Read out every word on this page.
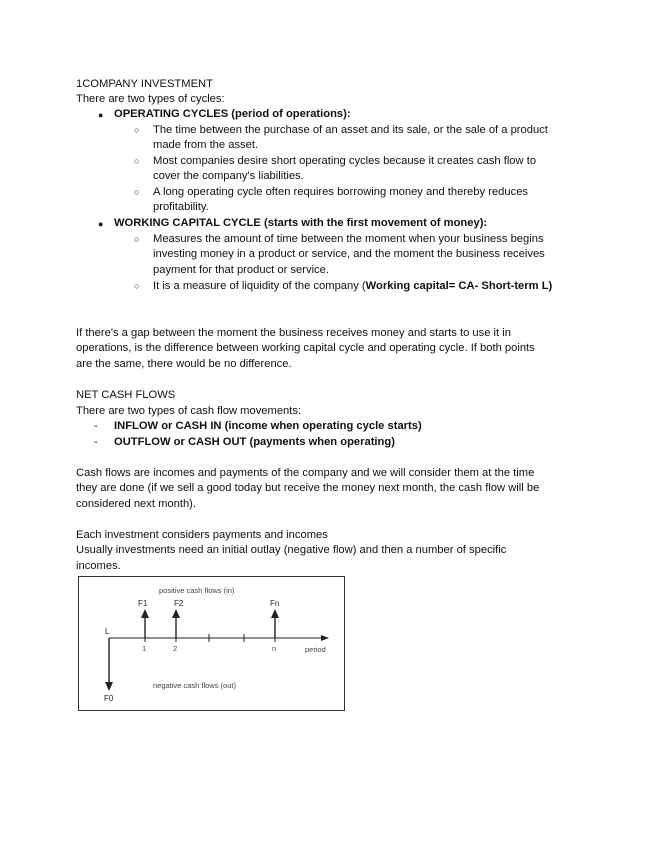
1COMPANY INVESTMENT
There are two types of cycles:
● OPERATING CYCLES (period of operations):
○ The time between the purchase of an asset and its sale, or the sale of a product
made from the asset.
○ Most companies desire short operating cycles because it creates cash flow to
cover the company's liabilities.
○ A long operating cycle often requires borrowing money and thereby reduces
profitability.
● WORKING CAPITAL CYCLE (starts with the first movement of money):
○ Measures the amount of time between the moment when your business begins
investing money in a product or service, and the moment the business receives
payment for that product or service.
○ It is a measure of liquidity of the company (Working capital= CA- Short-term L)
If there's a gap between the moment the business receives money and starts to use it in
operations, is the difference between working capital cycle and operating cycle. If both points
are the same, there would be no difference.
NET CASH FLOWS
There are two types of cash flow movements:
- INFLOW or CASH IN (income when operating cycle starts)
- OUTFLOW or CASH OUT (payments when operating)
Cash flows are incomes and payments of the company and we will consider them at the time
they are done (if we sell a good today but receive the money next month, the cash flow will be
considered next month).
Each investment considers payments and incomes
Usually investments need an initial outlay (negative flow) and then a number of specific
incomes.
positive cash flows (in)
F1	F2	Fn
L
1	2	n	period
negative cash flows (out)
F0
